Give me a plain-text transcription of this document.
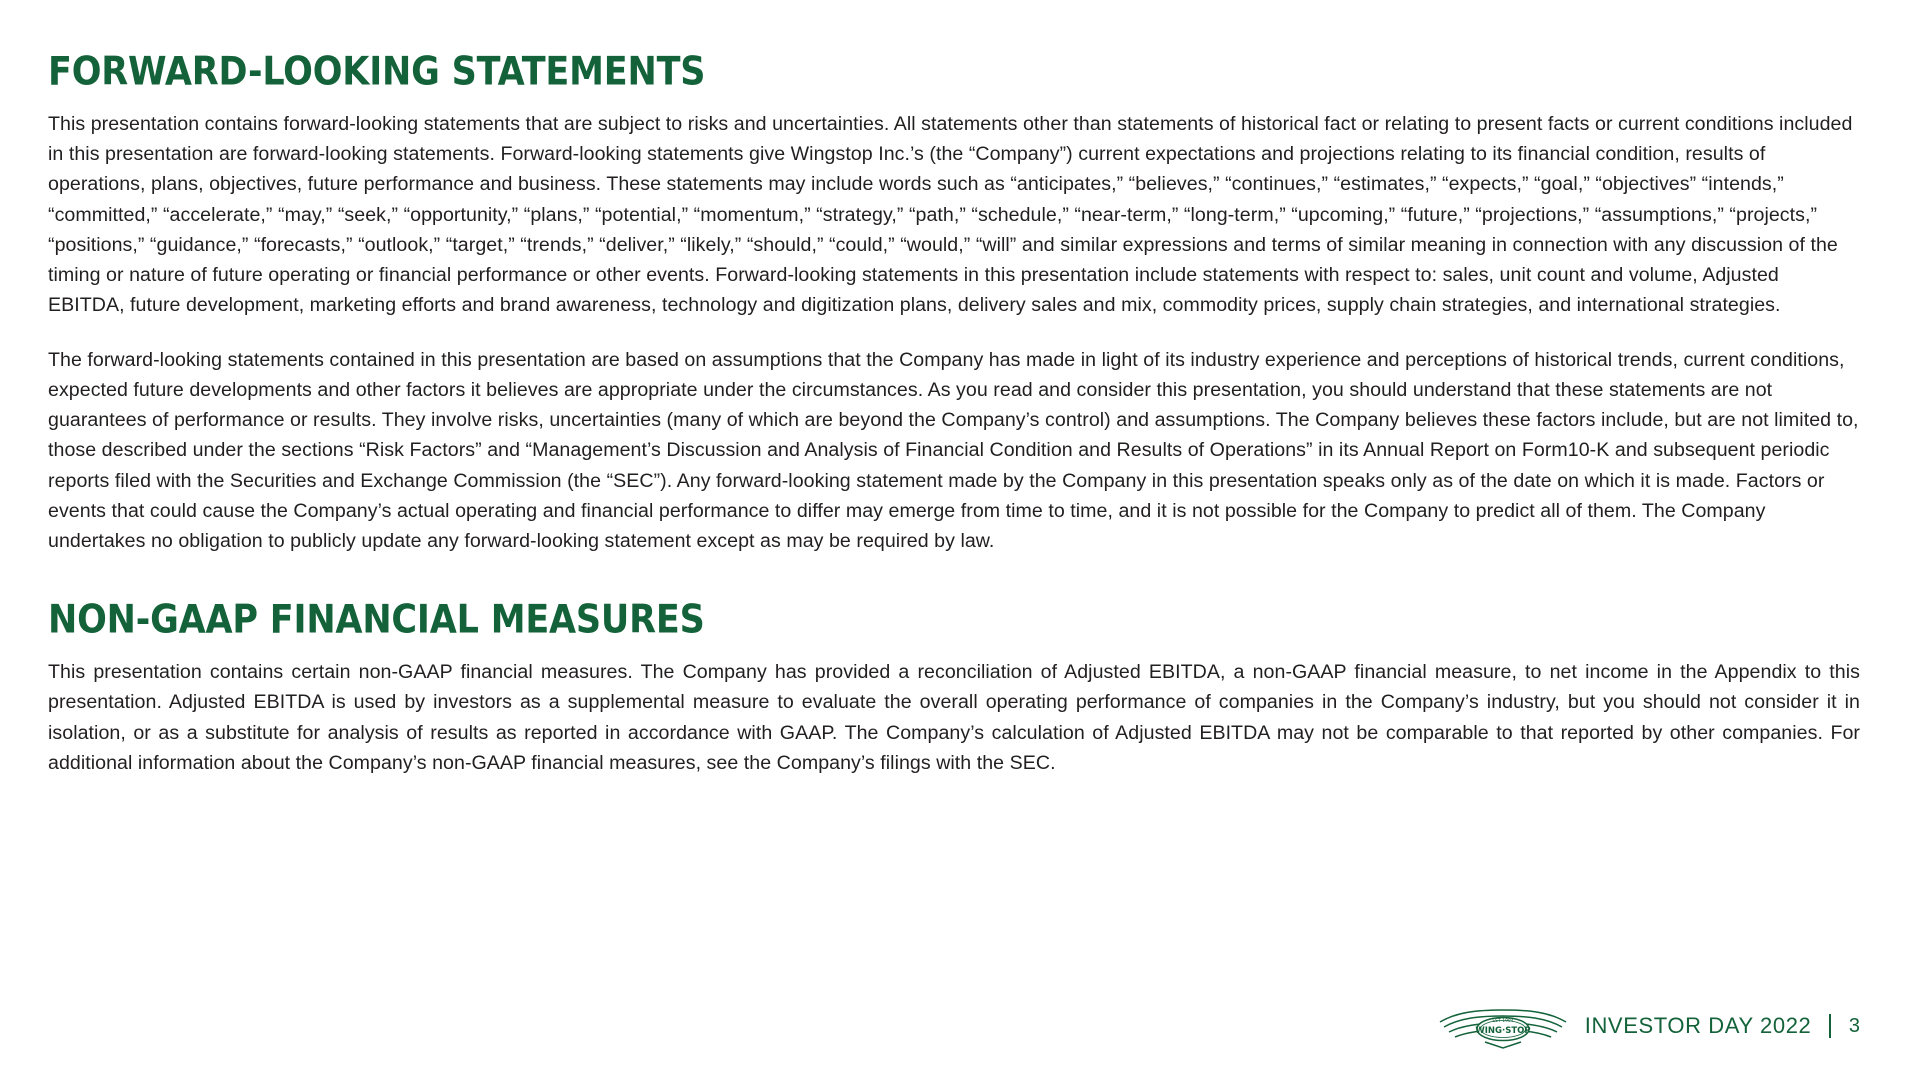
FORWARD-LOOKING STATEMENTS

This presentation contains forward-looking statements that are subject to risks and uncertainties. All statements other than statements of historical fact or relating to present facts or current conditions included in this presentation are forward-looking statements. Forward-looking statements give Wingstop Inc.’s (the “Company”) current expectations and projections relating to its financial condition, results of operations, plans, objectives, future performance and business. These statements may include words such as “anticipates,” “believes,” “continues,” “estimates,” “expects,” “goal,” “objectives” “intends,” “committed,” “accelerate,” “may,” “seek,” “opportunity,” “plans,” “potential,” “momentum,” “strategy,” “path,” “schedule,” “near-term,” “long-term,” “upcoming,” “future,” “projections,” “assumptions,” “projects,” “positions,” “guidance,” “forecasts,” “outlook,” “target,” “trends,” “deliver,” “likely,” “should,” “could,” “would,” “will” and similar expressions and terms of similar meaning in connection with any discussion of the timing or nature of future operating or financial performance or other events. Forward-looking statements in this presentation include statements with respect to: sales, unit count and volume, Adjusted EBITDA, future development, marketing efforts and brand awareness, technology and digitization plans, delivery sales and mix, commodity prices, supply chain strategies, and international strategies.

The forward-looking statements contained in this presentation are based on assumptions that the Company has made in light of its industry experience and perceptions of historical trends, current conditions, expected future developments and other factors it believes are appropriate under the circumstances. As you read and consider this presentation, you should understand that these statements are not guarantees of performance or results. They involve risks, uncertainties (many of which are beyond the Company’s control) and assumptions. The Company believes these factors include, but are not limited to, those described under the sections “Risk Factors” and “Management’s Discussion and Analysis of Financial Condition and Results of Operations” in its Annual Report on Form10-K and subsequent periodic reports filed with the Securities and Exchange Commission (the “SEC”). Any forward-looking statement made by the Company in this presentation speaks only as of the date on which it is made. Factors or events that could cause the Company’s actual operating and financial performance to differ may emerge from time to time, and it is not possible for the Company to predict all of them. The Company undertakes no obligation to publicly update any forward-looking statement except as may be required by law.

NON-GAAP FINANCIAL MEASURES

This presentation contains certain non-GAAP financial measures. The Company has provided a reconciliation of Adjusted EBITDA, a non-GAAP financial measure, to net income in the Appendix to this presentation. Adjusted EBITDA is used by investors as a supplemental measure to evaluate the overall operating performance of companies in the Company’s industry, but you should not consider it in isolation, or as a substitute for analysis of results as reported in accordance with GAAP. The Company’s calculation of Adjusted EBITDA may not be comparable to that reported by other companies. For additional information about the Company’s non-GAAP financial measures, see the Company’s filings with the SEC.

EST 1994
WING·STOP INVESTOR DAY 2022 3
